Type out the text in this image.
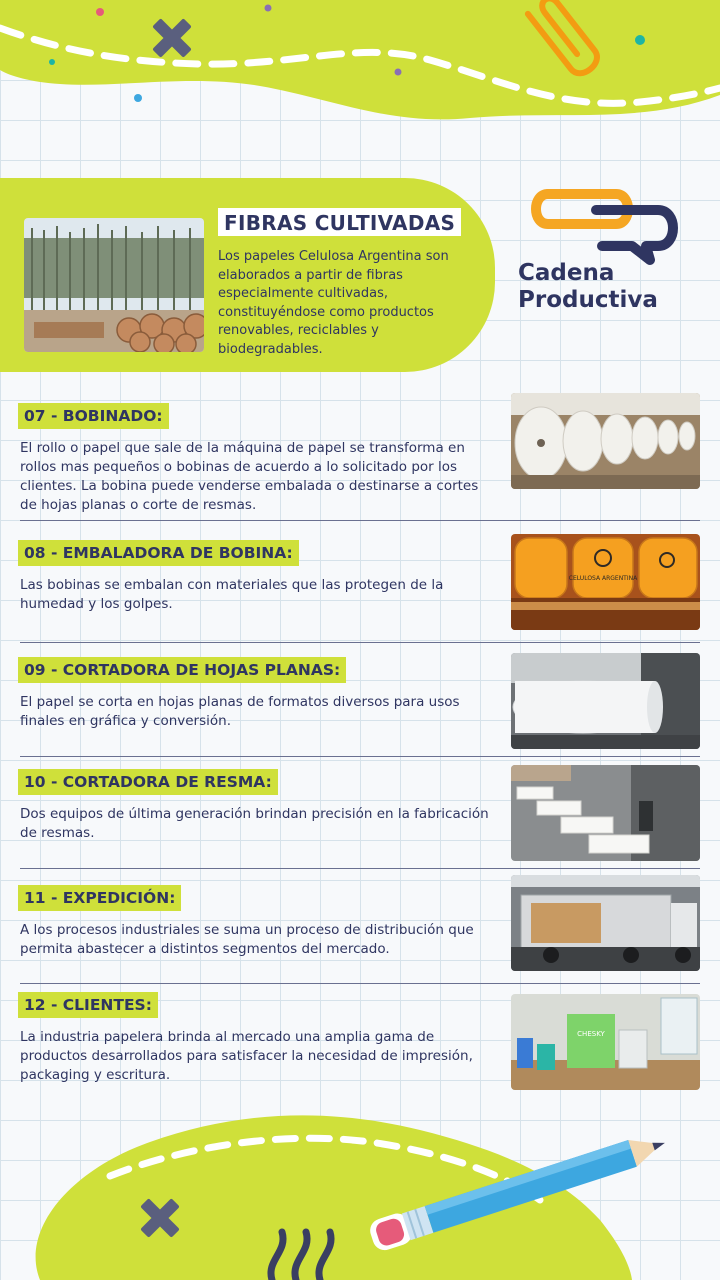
FIBRAS CULTIVADAS
Los papeles Celulosa Argentina son elaborados a partir de fibras especialmente cultivadas, constituyéndose como productos renovables, reciclables y biodegradables.
Cadena
Productiva
07 - BOBINADO:
El rollo o papel que sale de la máquina de papel se transforma en rollos mas pequeños o bobinas de acuerdo a lo solicitado por los clientes. La bobina puede venderse embalada o destinarse a cortes de hojas planas o corte de resmas.
08 - EMBALADORA DE BOBINA:
Las bobinas se embalan con materiales que las protegen de la humedad y los golpes.
CELULOSA ARGENTINA
09 - CORTADORA DE HOJAS PLANAS:
El papel se corta en hojas planas de formatos diversos para usos finales en gráfica y conversión.
10 - CORTADORA DE RESMA:
Dos equipos de última generación brindan precisión en la fabricación de resmas.
11 - EXPEDICIÓN:
A los procesos industriales se suma un proceso de distribución que permita abastecer a distintos segmentos del mercado.
12 - CLIENTES:
La industria papelera brinda al mercado una amplia gama de productos desarrollados para satisfacer la necesidad de impresión, packaging y escritura.
CHESKY
